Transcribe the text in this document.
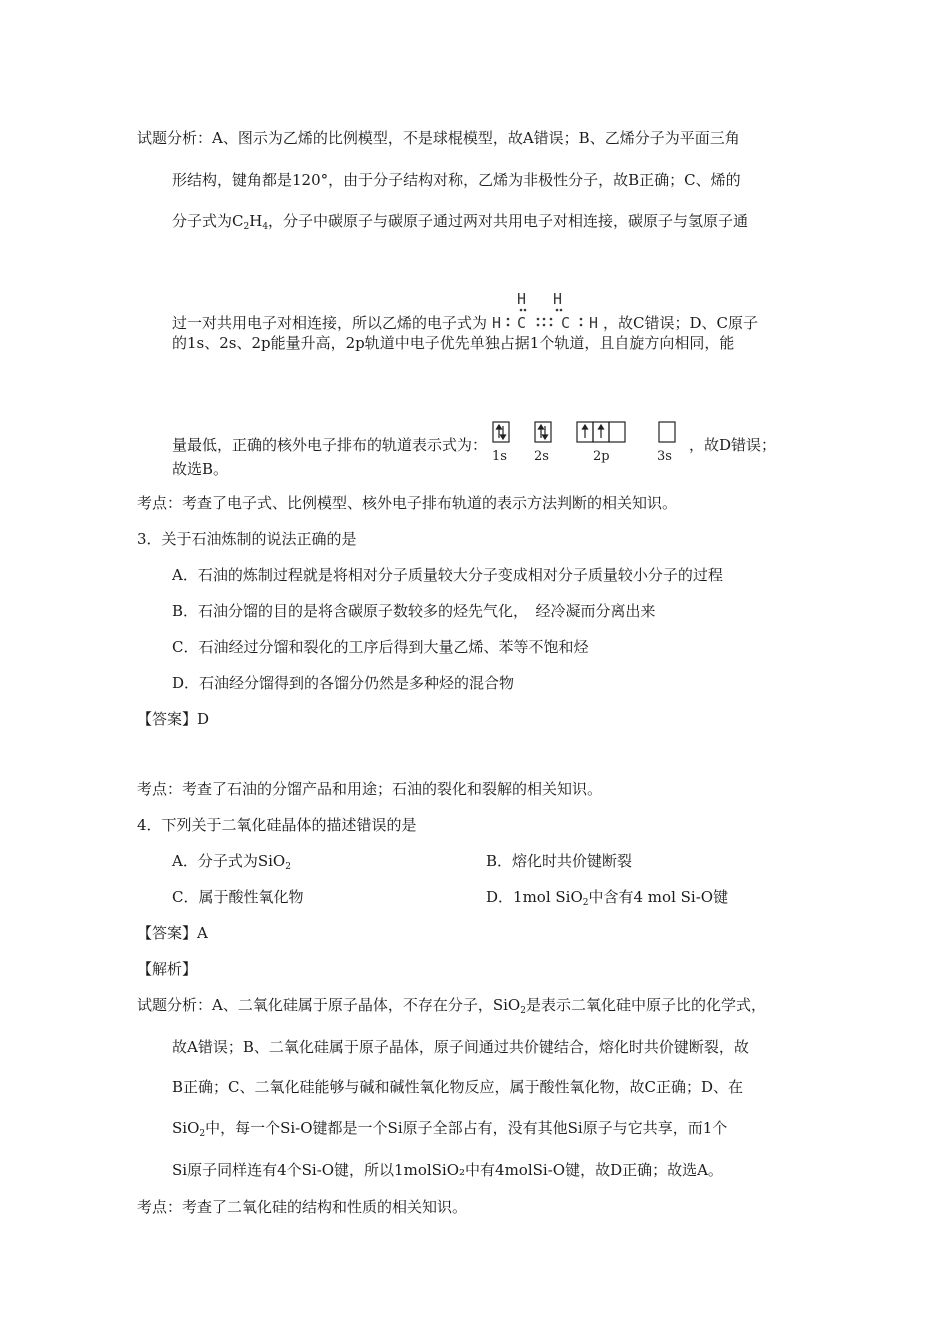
试题分析：A、图示为乙烯的比例模型，不是球棍模型，故A错误；B、乙烯分子为平面三角
形结构，键角都是120°，由于分子结构对称，乙烯为非极性分子，故B正确；C、烯的
分子式为$C_2H_4$，分子中碳原子与碳原子通过两对共用电子对相连接，碳原子与氢原子通
过一对共用电子对相连接，所以乙烯的电子式为
H H
H C C H ，故C错误；D、C原子
的1s、2s、2p能量升高，2p轨道中电子优先单独占据1个轨道，且自旋方向相同，能
量最低，正确的核外电子排布的轨道表示式为：
1s 2s	2p	3s
，故D错误；
故选B。
考点：考查了电子式、比例模型、核外电子排布轨道的表示方法判断的相关知识。
3．关于石油炼制的说法正确的是
A．石油的炼制过程就是将相对分子质量较大分子变成相对分子质量较小分子的过程
B．石油分馏的目的是将含碳原子数较多的烃先气化，　经冷凝而分离出来
C．石油经过分馏和裂化的工序后得到大量乙烯、苯等不饱和烃
D．石油经分馏得到的各馏分仍然是多种烃的混合物
【答案】D
考点：考查了石油的分馏产品和用途；石油的裂化和裂解的相关知识。
4．下列关于二氧化硅晶体的描述错误的是
A．分子式为SiO$_2$	B．熔化时共价键断裂
C．属于酸性氧化物	D．1mol SiO$_2$中含有4 mol Si-O键
【答案】A
【解析】
试题分析：A、二氧化硅属于原子晶体，不存在分子，SiO$_2$是表示二氧化硅中原子比的化学式，
故A错误；B、二氧化硅属于原子晶体，原子间通过共价键结合，熔化时共价键断裂，故
B正确；C、二氧化硅能够与碱和碱性氧化物反应，属于酸性氧化物，故C正确；D、在
SiO$_2$中，每一个Si-O键都是一个Si原子全部占有，没有其他Si原子与它共享，而1个
Si原子同样连有4个Si-O键，所以1molSiO₂中有4molSi-O键，故D正确；故选A。
考点：考查了二氧化硅的结构和性质的相关知识。
